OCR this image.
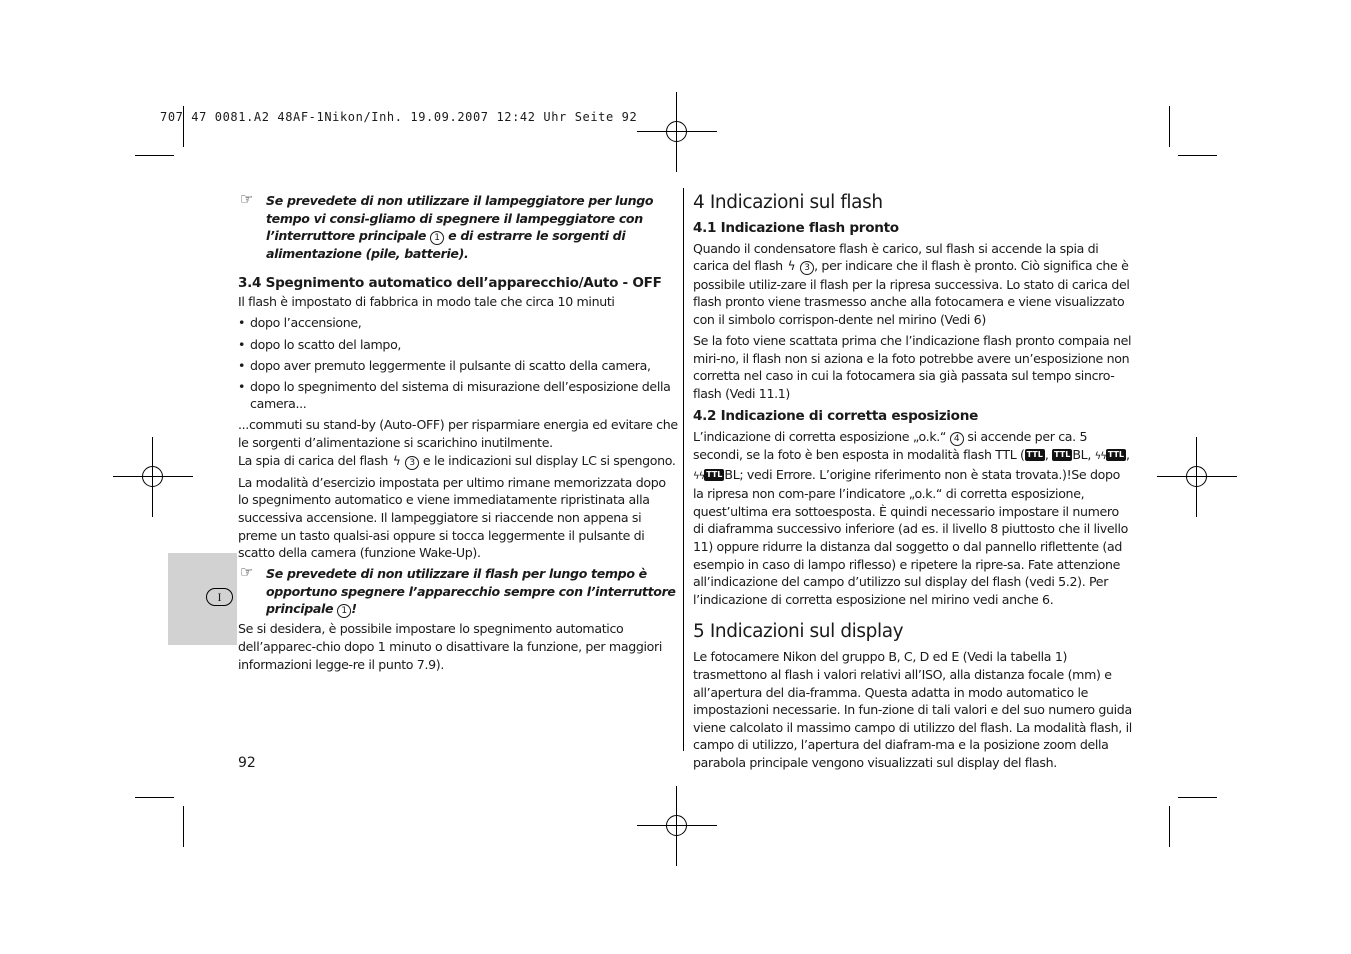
707 47 0081.A2 48AF-1Nikon/Inh. 19.09.2007 12:42 Uhr Seite 92
I

☞ Se prevedete di non utilizzare il lampeggiatore per lungo tempo vi consi-gliamo di spegnere il lampeggiatore con l’interruttore principale 1 e di estrarre le sorgenti di alimentazione (pile, batterie).

3.4 Spegnimento automatico dell’apparecchio/Auto - OFF

Il flash è impostato di fabbrica in modo tale che circa 10 minuti

• dopo l’accensione,

• dopo lo scatto del lampo,

• dopo aver premuto leggermente il pulsante di scatto della camera,

• dopo lo spegnimento del sistema di misurazione dell’esposizione della camera...

...commuti su stand-by (Auto-OFF) per risparmiare energia ed evitare che le sorgenti d’alimentazione si scarichino inutilmente.

La spia di carica del flash ϟ 3 e le indicazioni sul display LC si spengono.

La modalità d’esercizio impostata per ultimo rimane memorizzata dopo lo spegnimento automatico e viene immediatamente ripristinata alla successiva accensione. Il lampeggiatore si riaccende non appena si preme un tasto qualsi-asi oppure si tocca leggermente il pulsante di scatto della camera (funzione Wake-Up).

☞ Se prevedete di non utilizzare il flash per lungo tempo è opportuno spegnere l’apparecchio sempre con l’interruttore principale 1 !

Se si desidera, è possibile impostare lo spegnimento automatico dell’apparec-chio dopo 1 minuto o disattivare la funzione, per maggiori informazioni legge-re il punto 7.9).

4 Indicazioni sul flash
4.1 Indicazione flash pronto

Quando il condensatore flash è carico, sul flash si accende la spia di carica del flash ϟ 3 , per indicare che il flash è pronto. Ciò significa che è possibile utiliz-zare il flash per la ripresa successiva. Lo stato di carica del flash pronto viene trasmesso anche alla fotocamera e viene visualizzato con il simbolo corrispon-dente nel mirino (Vedi 6)

Se la foto viene scattata prima che l’indicazione flash pronto compaia nel miri-no, il flash non si aziona e la foto potrebbe avere un’esposizione non corretta nel caso in cui la fotocamera sia già passata sul tempo sincro-flash (Vedi 11.1)

4.2 Indicazione di corretta esposizione

L’indicazione di corretta esposizione „o.k.“ 4 si accende per ca. 5 secondi, se la foto è ben esposta in modalità flash TTL ( TTL , TTL BL, ϟϟ TTL , ϟϟ TTL BL; vedi Errore. L’origine riferimento non è stata trovata.)!Se dopo la ripresa non com-pare l’indicatore „o.k.“ di corretta esposizione, quest’ultima era sottoesposta. È quindi necessario impostare il numero di diaframma successivo inferiore (ad es. il livello 8 piuttosto che il livello 11) oppure ridurre la distanza dal soggetto o dal pannello riflettente (ad esempio in caso di lampo riflesso) e ripetere la ripre-sa. Fate attenzione all’indicazione del campo d’utilizzo sul display del flash (vedi 5.2). Per l’indicazione di corretta esposizione nel mirino vedi anche 6.

5 Indicazioni sul display

Le fotocamere Nikon del gruppo B, C, D ed E (Vedi la tabella 1) trasmettono al flash i valori relativi all’ISO, alla distanza focale (mm) e all’apertura del dia-framma. Questa adatta in modo automatico le impostazioni necessarie. In fun-zione di tali valori e del suo numero guida viene calcolato il massimo campo di utilizzo del flash. La modalità flash, il campo di utilizzo, l’apertura del diafram-ma e la posizione zoom della parabola principale vengono visualizzati sul display del flash.

92
